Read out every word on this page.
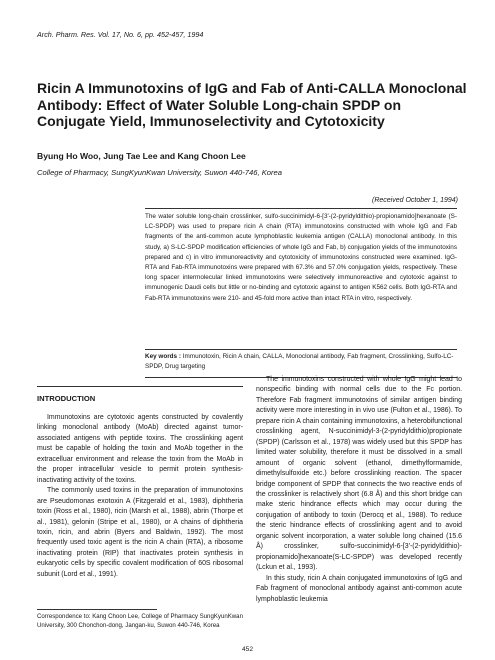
Arch. Pharm. Res. Vol. 17, No. 6, pp. 452-457, 1994
Ricin A Immunotoxins of IgG and Fab of Anti-CALLA Monoclonal Antibody: Effect of Water Soluble Long-chain SPDP on Conjugate Yield, Immunoselectivity and Cytotoxicity
Byung Ho Woo, Jung Tae Lee and Kang Choon Lee
College of Pharmacy, SungKyunKwan University, Suwon 440-746, Korea
(Received October 1, 1994)

The water soluble long-chain crosslinker, sulfo-succinimidyl-6-[3'-(2-pyridyldithio)-propionamido]hexanoate (S-LC-SPDP) was used to prepare ricin A chain (RTA) immunotoxins constructed with whole IgG and Fab fragments of the anti-common acute lymphoblastic leukemia antigen (CALLA) monoclonal antibody. In this study, a) S-LC-SPDP modification efficiencies of whole IgG and Fab, b) conjugation yields of the immunotoxins prepared and c) in vitro immunoreactivity and cytotoxicity of immunotoxins constructed were examined. IgG-RTA and Fab-RTA immunotoxins were prepared with 67.3% and 57.0% conjugation yields, respectively. These long spacer intermolecular linked immunotoxins were selectively immunoreactive and cytotoxic against to immunogenic Daudi cells but little or no-binding and cytotoxic against to antigen K562 cells. Both IgG-RTA and Fab-RTA immunotoxins were 210- and 45-fold more active than intact RTA in vitro, respectively.

Key words : Immunotoxin, Ricin A chain, CALLA, Monoclonal antibody, Fab fragment, Crosslinking, Sulfo-LC-SPDP, Drug targeting

INTRODUCTION

Immunotoxins are cytotoxic agents constructed by covalently linking monoclonal antibody (MoAb) directed against tumor-associated antigens with peptide toxins. The crosslinking agent must be capable of holding the toxin and MoAb together in the extracelluar environment and release the toxin from the MoAb in the proper intracellular vesicle to permit protein synthesis-inactivating activity of the toxins.

The commonly used toxins in the preparation of immunotoxins are Pseudomonas exotoxin A (Fitzgerald et al., 1983), diphtheria toxin (Ross et al., 1980), ricin (Marsh et al., 1988), abrin (Thorpe et al., 1981), gelonin (Stripe et al., 1980), or A chains of diphtheria toxin, ricin, and abrin (Byers and Baldwin, 1992). The most frequently used toxic agent is the ricin A chain (RTA), a ribosome inactivating protein (RIP) that inactivates protein synthesis in eukaryotic cells by specific covalent modification of 60S ribosomal subunit (Lord et al., 1991).

The immunotoxins constructed with whole IgG might lead to nonspecific binding with normal cells due to the Fc portion. Therefore Fab fragment immunotoxins of similar antigen binding activity were more interesting in in vivo use (Fulton et al., 1986). To prepare ricin A chain containing immunotoxins, a heterobifunctional crosslinking agent, N-succinimidyl-3-(2-pyridyldithio)propionate (SPDP) (Carlsson et al., 1978) was widely used but this SPDP has limited water solubility, therefore it must be dissolved in a small amount of organic solvent (ethanol, dimethylformamide, dimethylsulfoxide etc.) before crosslinking reaction. The spacer bridge component of SPDP that connects the two reactive ends of the crosslinker is relactively short (6.8 Å) and this short bridge can make steric hindrance effects which may occur during the conjugation of antibody to toxin (Derocq et al., 1988). To reduce the steric hindrance effects of crosslinking agent and to avoid organic solvent incorporation, a water soluble long chained (15.6 Å) crosslinker, sulfo-succinimidyl-6-[3'-(2-pyridyldithio)-propionamido]hexanoate(S-LC-SPDP) was developed recently (Lckun et al., 1993).

In this study, ricin A chain conjugated immunotoxins of IgG and Fab fragment of monoclonal antibody against anti-common acute lymphoblastic leukemia

Correspondence to: Kang Choon Lee, College of Pharmacy SungKyunKwan University, 300 Chonchon-dong, Jangan-ku, Suwon 440-746, Korea

452
